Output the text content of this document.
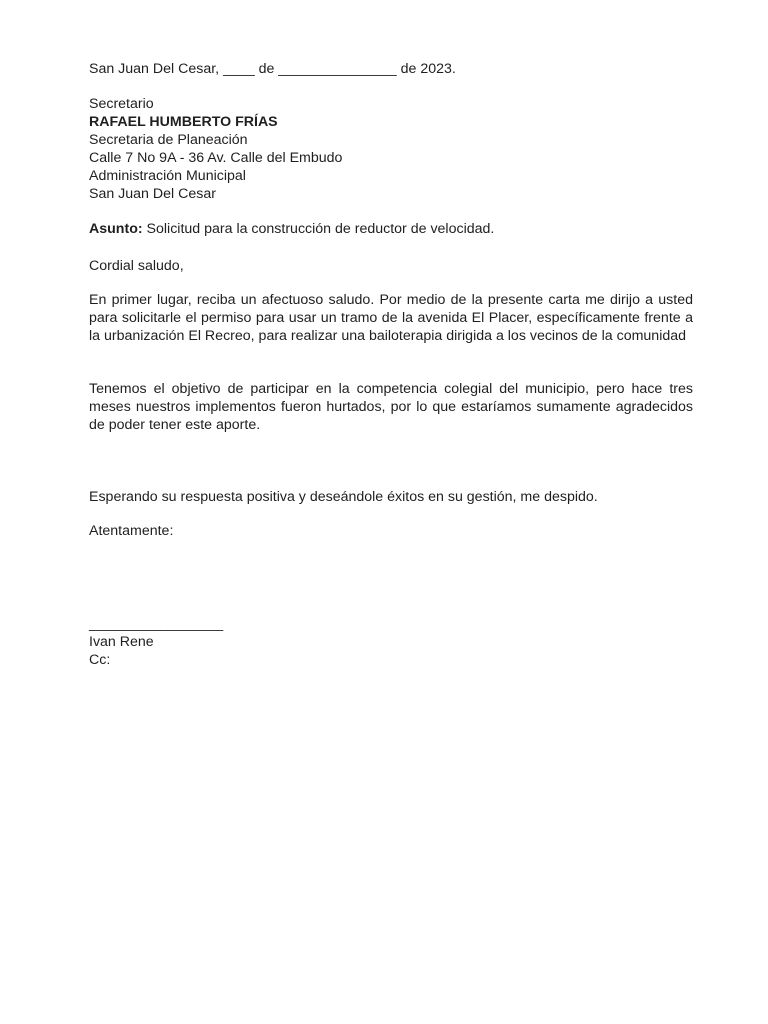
San Juan Del Cesar, ____ de _______________ de 2023.
Secretario
RAFAEL HUMBERTO FRÍAS
Secretaria de Planeación
Calle 7 No 9A - 36 Av. Calle del Embudo
Administración Municipal
San Juan Del Cesar
Asunto: Solicitud para la construcción de reductor de velocidad.
Cordial saludo,

En primer lugar, reciba un afectuoso saludo. Por medio de la presente carta me dirijo a usted para solicitarle el permiso para usar un tramo de la avenida El Placer, específicamente frente a la urbanización El Recreo, para realizar una bailoterapia dirigida a los vecinos de la comunidad

Tenemos el objetivo de participar en la competencia colegial del municipio, pero hace tres meses nuestros implementos fueron hurtados, por lo que estaríamos sumamente agradecidos de poder tener este aporte.

Esperando su respuesta positiva y deseándole éxitos en su gestión, me despido.

Atentamente:
_________________
Ivan Rene
Cc:
